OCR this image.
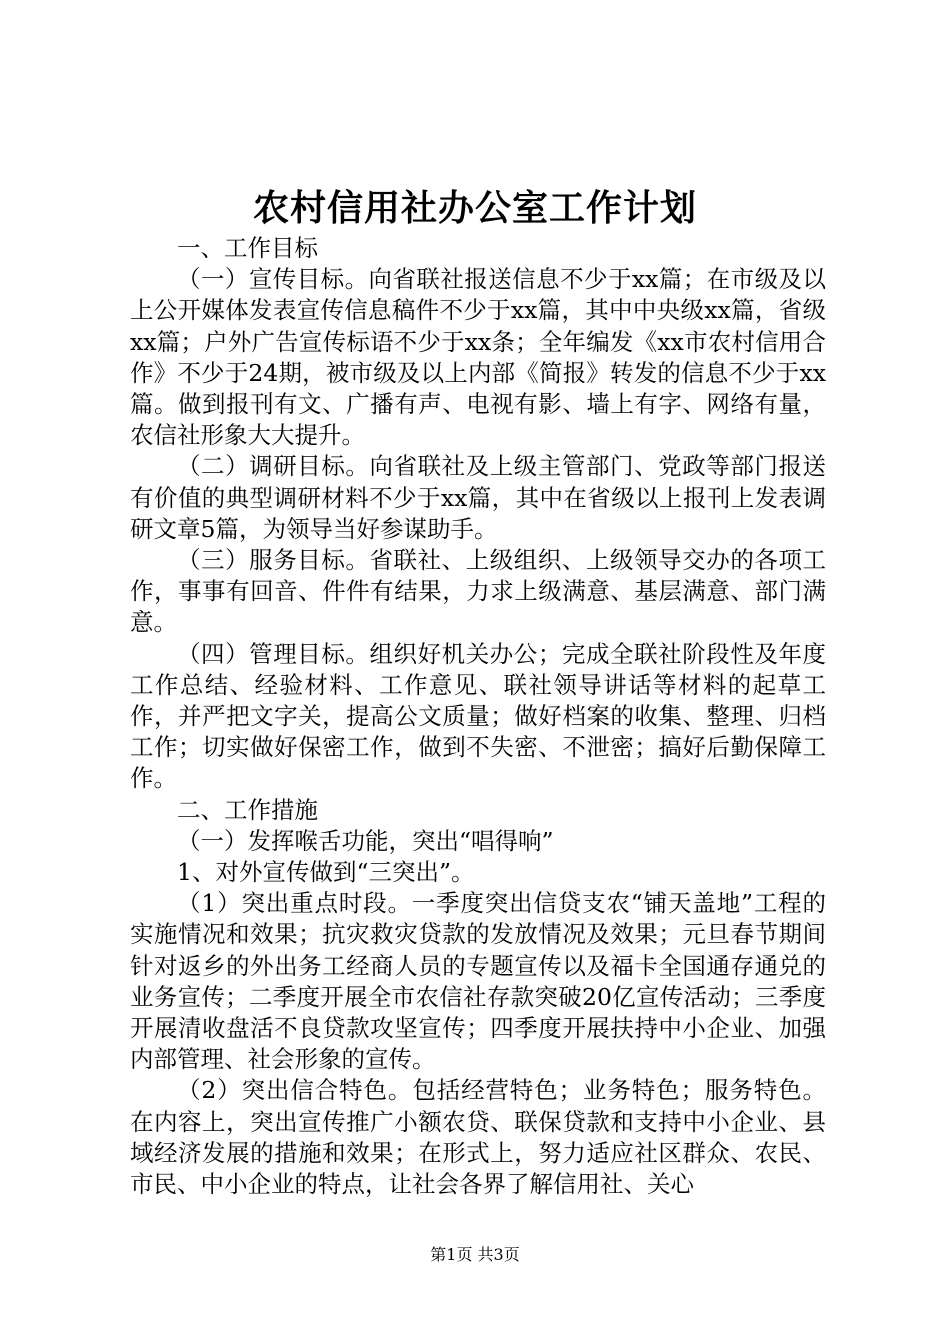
农村信用社办公室工作计划

一、工作目标

（一）宣传目标。向省联社报送信息不少于xx篇；在市级及以上公开媒体发表宣传信息稿件不少于xx篇，其中中央级xx篇，省级xx篇；户外广告宣传标语不少于xx条；全年编发《xx市农村信用合作》不少于24期，被市级及以上内部《简报》转发的信息不少于xx篇。做到报刊有文、广播有声、电视有影、墙上有字、网络有量，农信社形象大大提升。

（二）调研目标。向省联社及上级主管部门、党政等部门报送有价值的典型调研材料不少于xx篇，其中在省级以上报刊上发表调研文章5篇，为领导当好参谋助手。

（三）服务目标。省联社、上级组织、上级领导交办的各项工作，事事有回音、件件有结果，力求上级满意、基层满意、部门满意。

（四）管理目标。组织好机关办公；完成全联社阶段性及年度工作总结、经验材料、工作意见、联社领导讲话等材料的起草工作，并严把文字关，提高公文质量；做好档案的收集、整理、归档工作；切实做好保密工作，做到不失密、不泄密；搞好后勤保障工作。

二、工作措施

（一）发挥喉舌功能，突出“唱得响”

1、对外宣传做到“三突出”。

（1）突出重点时段。一季度突出信贷支农“铺天盖地”工程的实施情况和效果；抗灾救灾贷款的发放情况及效果；元旦春节期间针对返乡的外出务工经商人员的专题宣传以及福卡全国通存通兑的业务宣传；二季度开展全市农信社存款突破20亿宣传活动；三季度开展清收盘活不良贷款攻坚宣传；四季度开展扶持中小企业、加强内部管理、社会形象的宣传。

（2）突出信合特色。包括经营特色；业务特色；服务特色。在内容上，突出宣传推广小额农贷、联保贷款和支持中小企业、县域经济发展的措施和效果；在形式上，努力适应社区群众、农民、市民、中小企业的特点，让社会各界了解信用社、关心

第1页 共3页
